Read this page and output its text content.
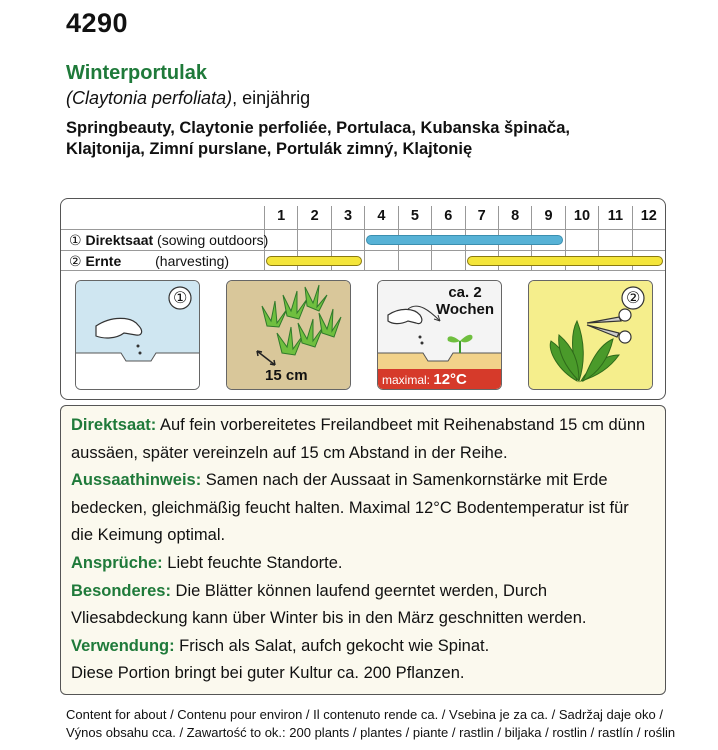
4290
Winterportulak
(Claytonia perfoliata), einjährig
Springbeauty, Claytonie perfoliée, Portulaca, Kubanska špinača,
Klajtonija, Zimní purslane, Portulák zimný, Klajtonię
1	2	3	4	5	6	7	8	9	10	11	12
① Direktsaat (sowing outdoors)
② Ernte (harvesting)
①
15 cm
ca. 2
Wochen
maximal: 12°C
②

Direktsaat: Auf fein vorbereitetes Freilandbeet mit Reihenabstand 15 cm dünn
aussäen, später vereinzeln auf 15 cm Abstand in der Reihe.

Aussaathinweis: Samen nach der Aussaat in Samenkornstärke mit Erde
bedecken, gleichmäßig feucht halten. Maximal 12°C Bodentemperatur ist für
die Keimung optimal.

Ansprüche: Liebt feuchte Standorte.

Besonderes: Die Blätter können laufend geerntet werden, Durch
Vliesabdeckung kann über Winter bis in den März geschnitten werden.

Verwendung: Frisch als Salat, aufch gekocht wie Spinat.

Diese Portion bringt bei guter Kultur ca. 200 Pflanzen.

Content for about / Contenu pour environ / Il contenuto rende ca. / Vsebina je za ca. / Sadržaj daje oko /
Výnos obsahu cca. / Zawartość to ok.: 200 plants / plantes / piante / rastlin / biljaka / rostlin / rastlín / roślin
